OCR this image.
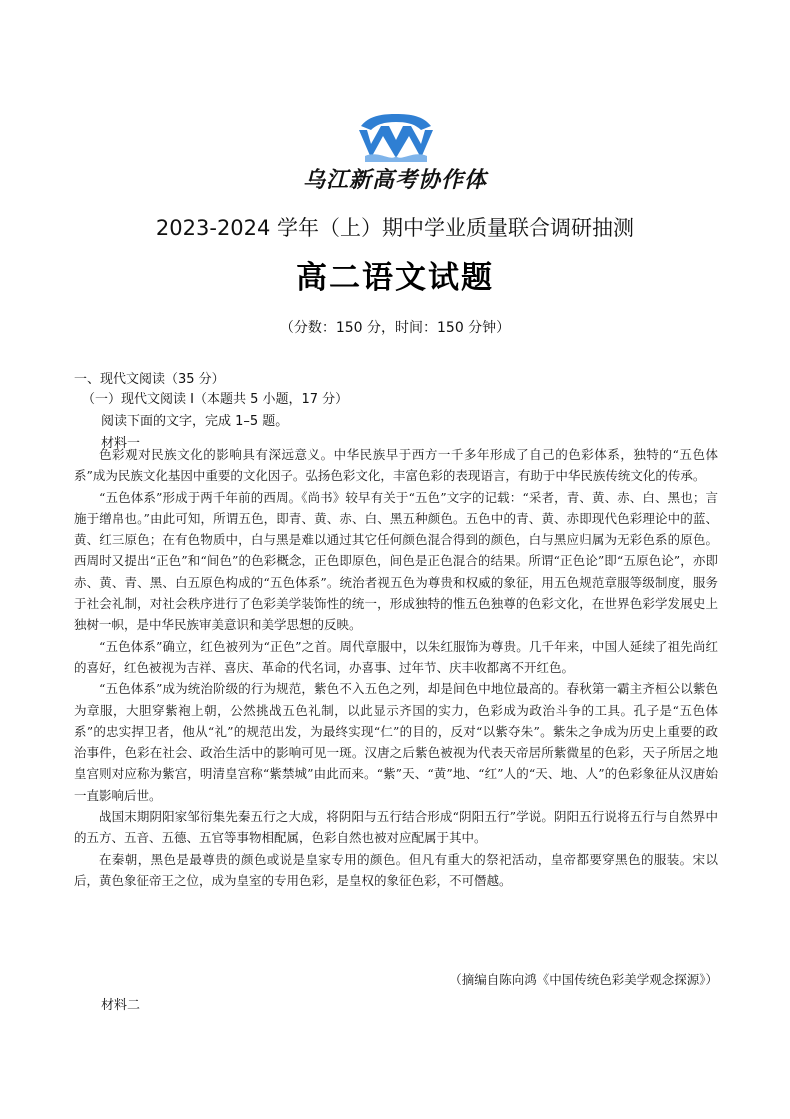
乌江新高考协作体
2023-2024 学年（上）期中学业质量联合调研抽测
高二语文试题
（分数：150 分，时间：150 分钟）
一、现代文阅读（35 分）
（一）现代文阅读 I（本题共 5 小题，17 分）
阅读下面的文字，完成 1–5 题。
材料一

色彩观对民族文化的影响具有深远意义。中华民族早于西方一千多年形成了自己的色彩体系，独特的“五色体系”成为民族文化基因中重要的文化因子。弘扬色彩文化，丰富色彩的表现语言，有助于中华民族传统文化的传承。

“五色体系”形成于两千年前的西周。《尚书》较早有关于“五色”文字的记载：“采者，青、黄、赤、白、黑也；言施于缯帛也。”由此可知，所谓五色，即青、黄、赤、白、黑五种颜色。五色中的青、黄、赤即现代色彩理论中的蓝、黄、红三原色；在有色物质中，白与黑是难以通过其它任何颜色混合得到的颜色，白与黑应归属为无彩色系的原色。西周时又提出“正色”和“间色”的色彩概念，正色即原色，间色是正色混合的结果。所谓“正色论”即“五原色论”，亦即赤、黄、青、黑、白五原色构成的“五色体系”。统治者视五色为尊贵和权威的象征，用五色规范章服等级制度，服务于社会礼制，对社会秩序进行了色彩美学装饰性的统一，形成独特的惟五色独尊的色彩文化，在世界色彩学发展史上独树一帜，是中华民族审美意识和美学思想的反映。

“五色体系”确立，红色被列为“正色”之首。周代章服中，以朱红服饰为尊贵。几千年来，中国人延续了祖先尚红的喜好，红色被视为吉祥、喜庆、革命的代名词，办喜事、过年节、庆丰收都离不开红色。

“五色体系”成为统治阶级的行为规范，紫色不入五色之列，却是间色中地位最高的。春秋第一霸主齐桓公以紫色为章服，大胆穿紫袍上朝，公然挑战五色礼制，以此显示齐国的实力，色彩成为政治斗争的工具。孔子是“五色体系”的忠实捍卫者，他从“礼”的规范出发，为最终实现“仁”的目的，反对“以紫夺朱”。紫朱之争成为历史上重要的政治事件，色彩在社会、政治生活中的影响可见一斑。汉唐之后紫色被视为代表天帝居所紫微星的色彩，天子所居之地皇宫则对应称为紫宫，明清皇宫称“紫禁城”由此而来。“紫”天、“黄”地、“红”人的“天、地、人”的色彩象征从汉唐始一直影响后世。

战国末期阴阳家邹衍集先秦五行之大成，将阴阳与五行结合形成“阴阳五行”学说。阴阳五行说将五行与自然界中的五方、五音、五德、五官等事物相配属，色彩自然也被对应配属于其中。

在秦朝，黑色是最尊贵的颜色或说是皇家专用的颜色。但凡有重大的祭祀活动，皇帝都要穿黑色的服装。宋以后，黄色象征帝王之位，成为皇室的专用色彩，是皇权的象征色彩，不可僭越。

（摘编自陈向鸿《中国传统色彩美学观念探源》）
材料二
